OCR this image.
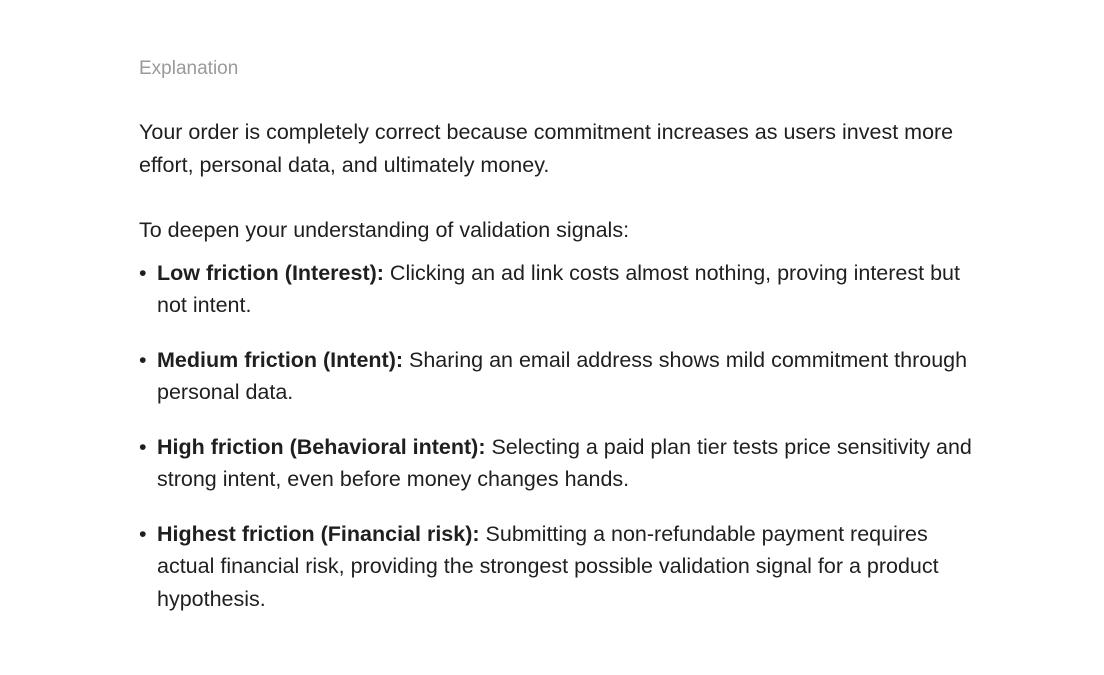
Explanation

Your order is completely correct because commitment increases as users invest more effort, personal data, and ultimately money.

To deepen your understanding of validation signals:

• Low friction (Interest): Clicking an ad link costs almost nothing, proving interest but not intent.
• Medium friction (Intent): Sharing an email address shows mild commitment through personal data.
• High friction (Behavioral intent): Selecting a paid plan tier tests price sensitivity and strong intent, even before money changes hands.
• Highest friction (Financial risk): Submitting a non-refundable payment requires actual financial risk, providing the strongest possible validation signal for a product hypothesis.
